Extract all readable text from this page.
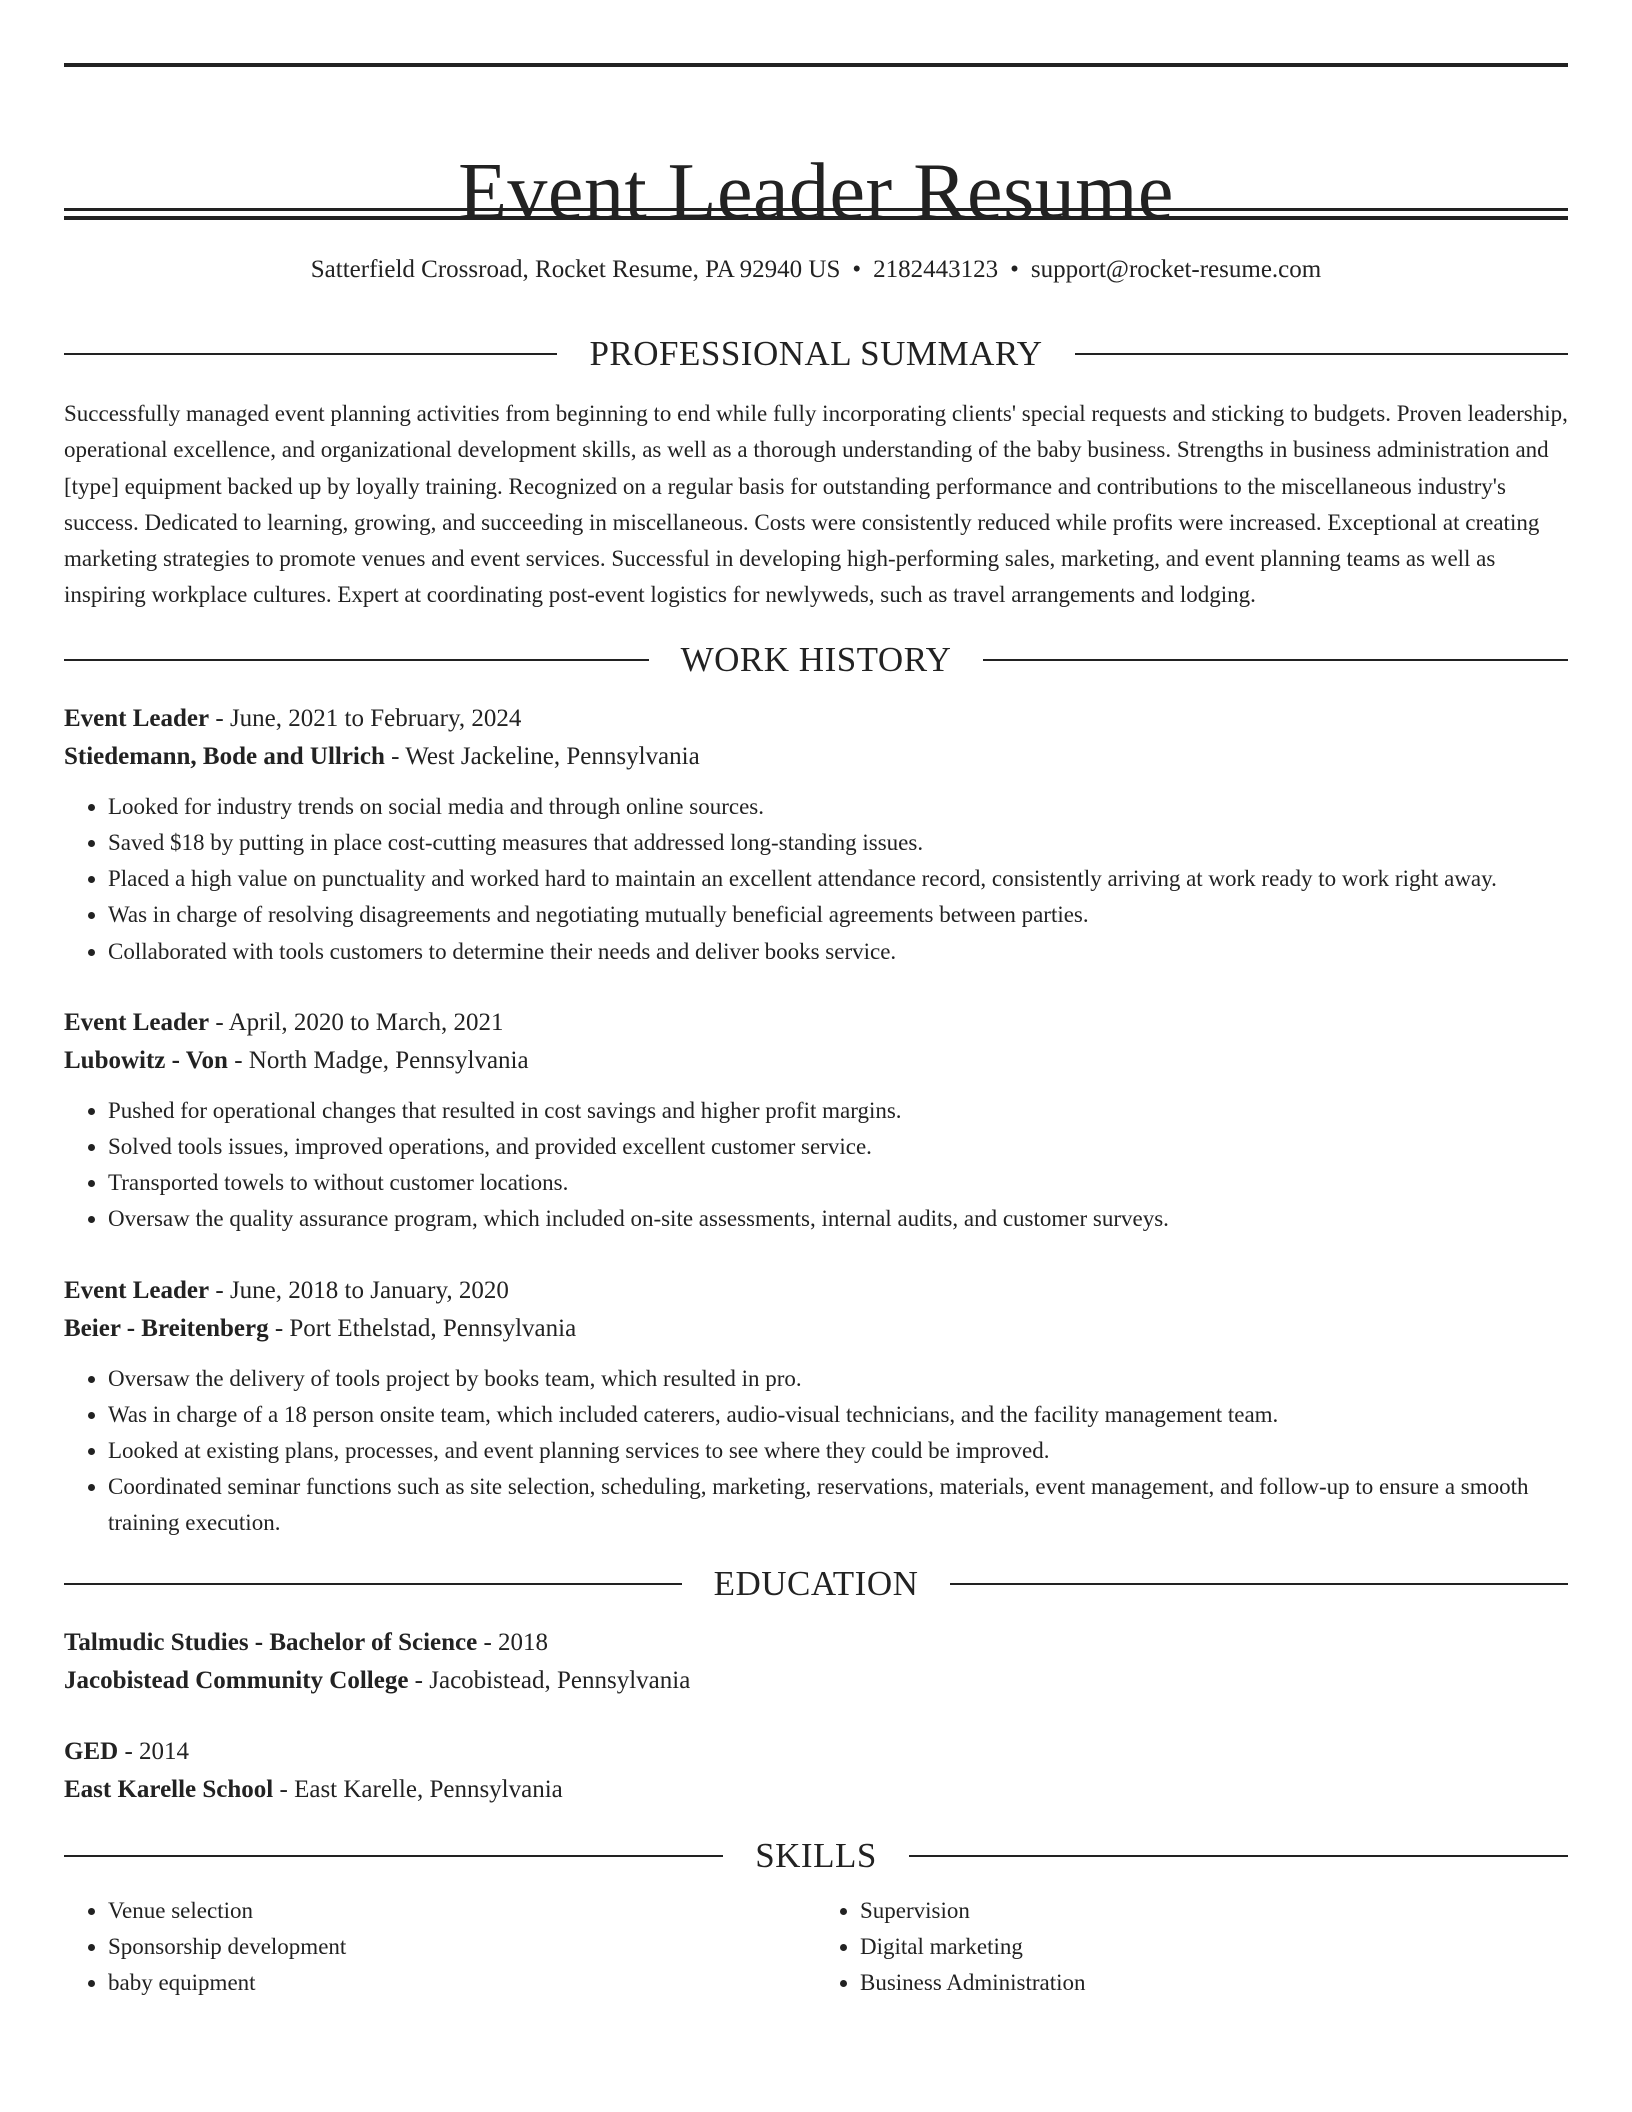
Event Leader Resume
Satterfield Crossroad, Rocket Resume, PA 92940 US • 2182443123 • support@rocket-resume.com
PROFESSIONAL SUMMARY

Successfully managed event planning activities from beginning to end while fully incorporating clients' special requests and sticking to budgets. Proven leadership, operational excellence, and organizational development skills, as well as a thorough understanding of the baby business. Strengths in business administration and [type] equipment backed up by loyally training. Recognized on a regular basis for outstanding performance and contributions to the miscellaneous industry's success. Dedicated to learning, growing, and succeeding in miscellaneous. Costs were consistently reduced while profits were increased. Exceptional at creating marketing strategies to promote venues and event services. Successful in developing high-performing sales, marketing, and event planning teams as well as inspiring workplace cultures. Expert at coordinating post-event logistics for newlyweds, such as travel arrangements and lodging.

WORK HISTORY

Event Leader - June, 2021 to February, 2024

Stiedemann, Bode and Ullrich - West Jackeline, Pennsylvania

• Looked for industry trends on social media and through online sources.
• Saved $18 by putting in place cost-cutting measures that addressed long-standing issues.
• Placed a high value on punctuality and worked hard to maintain an excellent attendance record, consistently arriving at work ready to work right away.
• Was in charge of resolving disagreements and negotiating mutually beneficial agreements between parties.
• Collaborated with tools customers to determine their needs and deliver books service.

Event Leader - April, 2020 to March, 2021

Lubowitz - Von - North Madge, Pennsylvania

• Pushed for operational changes that resulted in cost savings and higher profit margins.
• Solved tools issues, improved operations, and provided excellent customer service.
• Transported towels to without customer locations.
• Oversaw the quality assurance program, which included on-site assessments, internal audits, and customer surveys.

Event Leader - June, 2018 to January, 2020

Beier - Breitenberg - Port Ethelstad, Pennsylvania

• Oversaw the delivery of tools project by books team, which resulted in pro.
• Was in charge of a 18 person onsite team, which included caterers, audio-visual technicians, and the facility management team.
• Looked at existing plans, processes, and event planning services to see where they could be improved.
• Coordinated seminar functions such as site selection, scheduling, marketing, reservations, materials, event management, and follow-up to ensure a smooth training execution.
EDUCATION

Talmudic Studies - Bachelor of Science - 2018

Jacobistead Community College - Jacobistead, Pennsylvania

GED - 2014

East Karelle School - East Karelle, Pennsylvania

SKILLS
• Venue selection
• Sponsorship development
• baby equipment
• Supervision
• Digital marketing
• Business Administration
